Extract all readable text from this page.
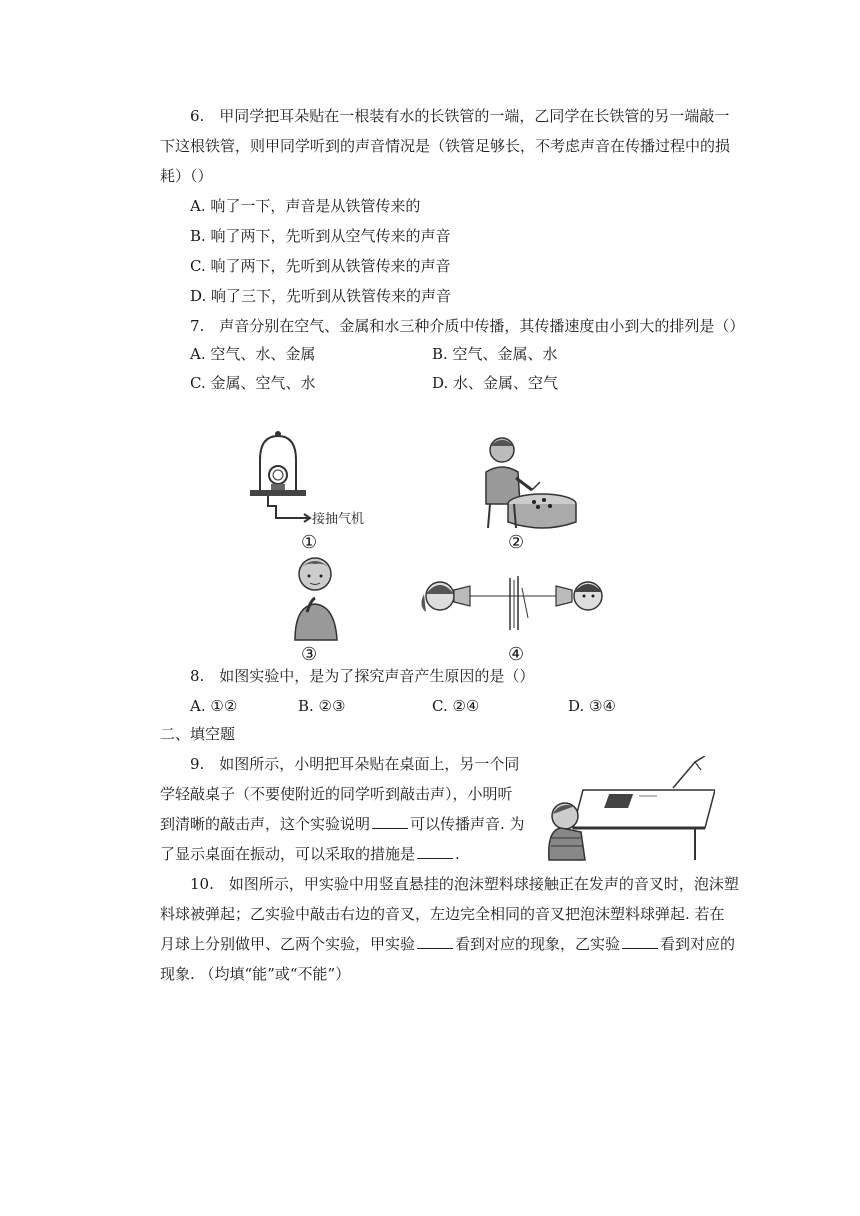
6.　甲同学把耳朵贴在一根装有水的长铁管的一端，乙同学在长铁管的另一端敲一
下这根铁管，则甲同学听到的声音情况是（铁管足够长，不考虑声音在传播过程中的损
耗）（）
A. 响了一下，声音是从铁管传来的
B. 响了两下，先听到从空气传来的声音
C. 响了两下，先听到从铁管传来的声音
D. 响了三下，先听到从铁管传来的声音
7.　声音分别在空气、金属和水三种介质中传播，其传播速度由小到大的排列是（）
A. 空气、水、金属	B. 空气、金属、水
C. 金属、空气、水	D. 水、金属、空气
接抽气机
①	②
③	④
8.　如图实验中，是为了探究声音产生原因的是（）
A. ①②	B. ②③	C. ②④	D. ③④
二、填空题
9.　如图所示，小明把耳朵贴在桌面上，另一个同
学轻敲桌子（不要使附近的同学听到敲击声），小明听
到清晰的敲击声，这个实验说明	可以传播声音. 为
了显示桌面在振动，可以采取的措施是	.
10.　如图所示，甲实验中用竖直悬挂的泡沫塑料球接触正在发声的音叉时，泡沫塑
料球被弹起；乙实验中敲击右边的音叉，左边完全相同的音叉把泡沫塑料球弹起. 若在
月球上分别做甲、乙两个实验，甲实验	看到对应的现象，乙实验	看到对应的
现象. （均填“能”或“不能”）
